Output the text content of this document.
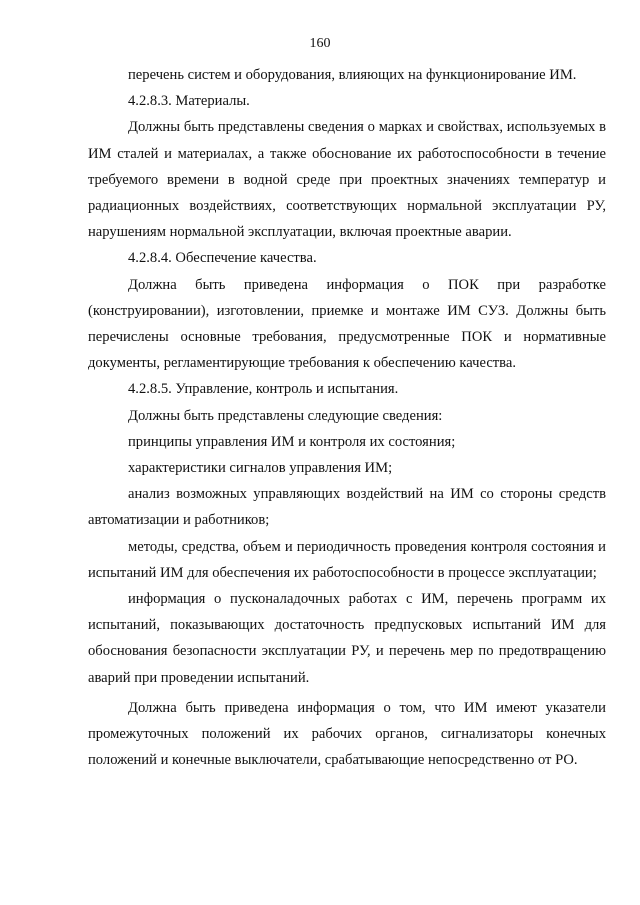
160

перечень систем и оборудования, влияющих на функционирование ИМ.

4.2.8.3. Материалы.

Должны быть представлены сведения о марках и свойствах, используемых в ИМ сталей и материалах, а также обоснование их работоспособности в течение требуемого времени в водной среде при проектных значениях температур и радиационных воздействиях, соответствующих нормальной эксплуатации РУ, нарушениям нормальной эксплуатации, включая проектные аварии.

4.2.8.4. Обеспечение качества.

Должна быть приведена информация о ПОК при разработке (конструировании), изготовлении, приемке и монтаже ИМ СУЗ. Должны быть перечислены основные требования, предусмотренные ПОК и нормативные документы, регламентирующие требования к обеспечению качества.

4.2.8.5. Управление, контроль и испытания.

Должны быть представлены следующие сведения:

принципы управления ИМ и контроля их состояния;

характеристики сигналов управления ИМ;

анализ возможных управляющих воздействий на ИМ со стороны средств автоматизации и работников;

методы, средства, объем и периодичность проведения контроля состояния и испытаний ИМ для обеспечения их работоспособности в процессе эксплуатации;

информация о пусконаладочных работах с ИМ, перечень программ их испытаний, показывающих достаточность предпусковых испытаний ИМ для обоснования безопасности эксплуатации РУ, и перечень мер по предотвращению аварий при проведении испытаний.

Должна быть приведена информация о том, что ИМ имеют указатели промежуточных положений их рабочих органов, сигнализаторы конечных положений и конечные выключатели, срабатывающие непосредственно от РО.
